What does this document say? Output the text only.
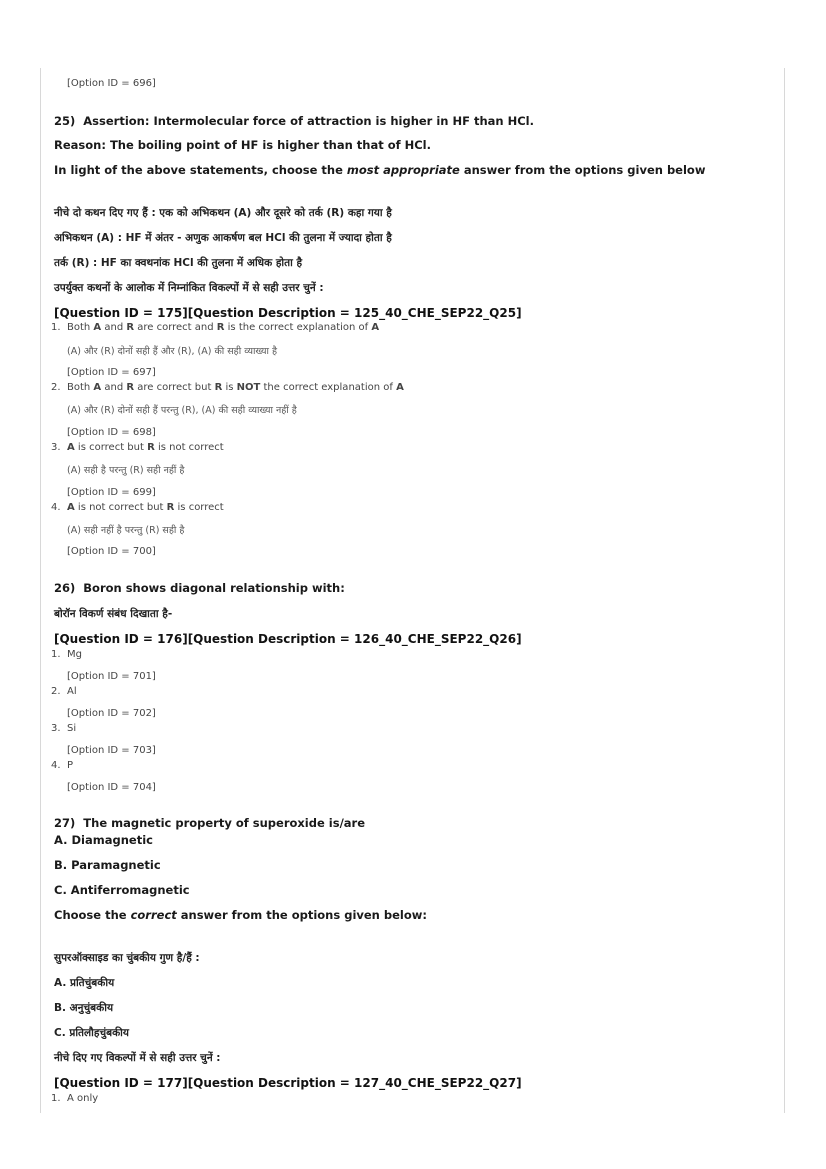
[Option ID = 696]
25) Assertion: Intermolecular force of attraction is higher in HF than HCl.
Reason: The boiling point of HF is higher than that of HCl.
In light of the above statements, choose the most appropriate answer from the options given below
नीचे दो कथन दिए गए हैं : एक को अभिकथन (A) और दूसरे को तर्क (R) कहा गया है
अभिकथन (A) : HF में अंतर - अणुक आकर्षण बल HCl की तुलना में ज्यादा होता है
तर्क (R) : HF का क्वथनांक HCl की तुलना में अधिक होता है
उपर्युक्त कथनों के आलोक में निम्नांकित विकल्पों में से सही उत्तर चुनें :
[Question ID = 175][Question Description = 125_40_CHE_SEP22_Q25]
1. Both A and R are correct and R is the correct explanation of A
(A) और (R) दोनों सही हैं और (R), (A) की सही व्याख्या है
[Option ID = 697]
2. Both A and R are correct but R is NOT the correct explanation of A
(A) और (R) दोनों सही हैं परन्तु (R), (A) की सही व्याख्या नहीं है
[Option ID = 698]
3. A is correct but R is not correct
(A) सही है परन्तु (R) सही नहीं है
[Option ID = 699]
4. A is not correct but R is correct
(A) सही नहीं है परन्तु (R) सही है
[Option ID = 700]
26) Boron shows diagonal relationship with:
बोरॉन विकर्ण संबंध दिखाता है-
[Question ID = 176][Question Description = 126_40_CHE_SEP22_Q26]
1. Mg
[Option ID = 701]
2. Al
[Option ID = 702]
3. Si
[Option ID = 703]
4. P
[Option ID = 704]
27) The magnetic property of superoxide is/are
A. Diamagnetic
B. Paramagnetic
C. Antiferromagnetic
Choose the correct answer from the options given below:
सुपरऑक्साइड का चुंबकीय गुण है/हैं :
A. प्रतिचुंबकीय
B. अनुचुंबकीय
C. प्रतिलौहचुंबकीय
नीचे दिए गए विकल्पों में से सही उत्तर चुनें :
[Question ID = 177][Question Description = 127_40_CHE_SEP22_Q27]
1. A only
